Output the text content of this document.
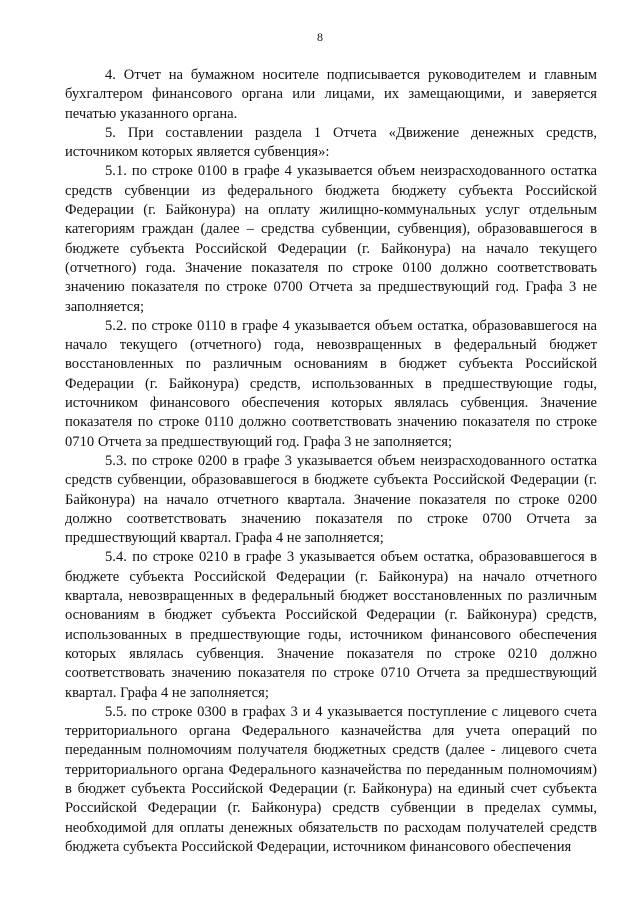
8

4. Отчет на бумажном носителе подписывается руководителем и главным бухгалтером финансового органа или лицами, их замещающими, и заверяется печатью указанного органа.

5. При составлении раздела 1 Отчета «Движение денежных средств, источником которых является субвенция»:

5.1. по строке 0100 в графе 4 указывается объем неизрасходованного остатка средств субвенции из федерального бюджета бюджету субъекта Российской Федерации (г. Байконура) на оплату жилищно-коммунальных услуг отдельным категориям граждан (далее – средства субвенции, субвенция), образовавшегося в бюджете субъекта Российской Федерации (г. Байконура) на начало текущего (отчетного) года. Значение показателя по строке 0100 должно соответствовать значению показателя по строке 0700 Отчета за предшествующий год. Графа 3 не заполняется;

5.2. по строке 0110 в графе 4 указывается объем остатка, образовавшегося на начало текущего (отчетного) года, невозвращенных в федеральный бюджет восстановленных по различным основаниям в бюджет субъекта Российской Федерации (г. Байконура) средств, использованных в предшествующие годы, источником финансового обеспечения которых являлась субвенция. Значение показателя по строке 0110 должно соответствовать значению показателя по строке 0710 Отчета за предшествующий год. Графа 3 не заполняется;

5.3. по строке 0200 в графе 3 указывается объем неизрасходованного остатка средств субвенции, образовавшегося в бюджете субъекта Российской Федерации (г. Байконура) на начало отчетного квартала. Значение показателя по строке 0200 должно соответствовать значению показателя по строке 0700 Отчета за предшествующий квартал. Графа 4 не заполняется;

5.4. по строке 0210 в графе 3 указывается объем остатка, образовавшегося в бюджете субъекта Российской Федерации (г. Байконура) на начало отчетного квартала, невозвращенных в федеральный бюджет восстановленных по различным основаниям в бюджет субъекта Российской Федерации (г. Байконура) средств, использованных в предшествующие годы, источником финансового обеспечения которых являлась субвенция. Значение показателя по строке 0210 должно соответствовать значению показателя по строке 0710 Отчета за предшествующий квартал. Графа 4 не заполняется;

5.5. по строке 0300 в графах 3 и 4 указывается поступление с лицевого счета территориального органа Федерального казначейства для учета операций по переданным полномочиям получателя бюджетных средств (далее - лицевого счета территориального органа Федерального казначейства по переданным полномочиям) в бюджет субъекта Российской Федерации (г. Байконура) на единый счет субъекта Российской Федерации (г. Байконура) средств субвенции в пределах суммы, необходимой для оплаты денежных обязательств по расходам получателей средств бюджета субъекта Российской Федерации, источником финансового обеспечения
